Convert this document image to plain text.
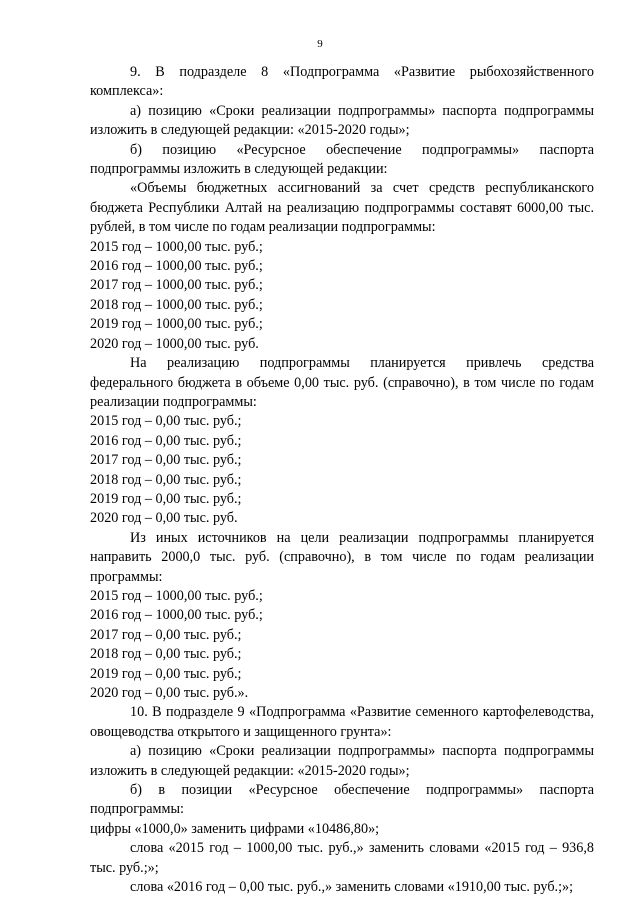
9

9. В подразделе 8 «Подпрограмма «Развитие рыбохозяйственного комплекса»:

а) позицию «Сроки реализации подпрограммы» паспорта подпрограммы изложить в следующей редакции: «2015-2020 годы»;

б) позицию «Ресурсное обеспечение подпрограммы» паспорта подпрограммы изложить в следующей редакции:

«Объемы бюджетных ассигнований за счет средств республиканского бюджета Республики Алтай на реализацию подпрограммы составят 6000,00 тыс. рублей, в том числе по годам реализации подпрограммы:

2015 год – 1000,00 тыс. руб.;

2016 год – 1000,00 тыс. руб.;

2017 год – 1000,00 тыс. руб.;

2018 год – 1000,00 тыс. руб.;

2019 год – 1000,00 тыс. руб.;

2020 год – 1000,00 тыс. руб.

На реализацию подпрограммы планируется привлечь средства федерального бюджета в объеме 0,00 тыс. руб. (справочно), в том числе по годам реализации подпрограммы:

2015 год – 0,00 тыс. руб.;

2016 год – 0,00 тыс. руб.;

2017 год – 0,00 тыс. руб.;

2018 год – 0,00 тыс. руб.;

2019 год – 0,00 тыс. руб.;

2020 год – 0,00 тыс. руб.

Из иных источников на цели реализации подпрограммы планируется направить 2000,0 тыс. руб. (справочно), в том числе по годам реализации программы:

2015 год – 1000,00 тыс. руб.;

2016 год – 1000,00 тыс. руб.;

2017 год – 0,00 тыс. руб.;

2018 год – 0,00 тыс. руб.;

2019 год – 0,00 тыс. руб.;

2020 год – 0,00 тыс. руб.».

10. В подразделе 9 «Подпрограмма «Развитие семенного картофелеводства, овощеводства открытого и защищенного грунта»:

а) позицию «Сроки реализации подпрограммы» паспорта подпрограммы изложить в следующей редакции: «2015-2020 годы»;

б) в позиции «Ресурсное обеспечение подпрограммы» паспорта подпрограммы:

цифры «1000,0» заменить цифрами «10486,80»;

слова «2015 год – 1000,00 тыс. руб.,» заменить словами «2015 год – 936,8 тыс. руб.;»;

слова «2016 год – 0,00 тыс. руб.,» заменить словами «1910,00 тыс. руб.;»;
